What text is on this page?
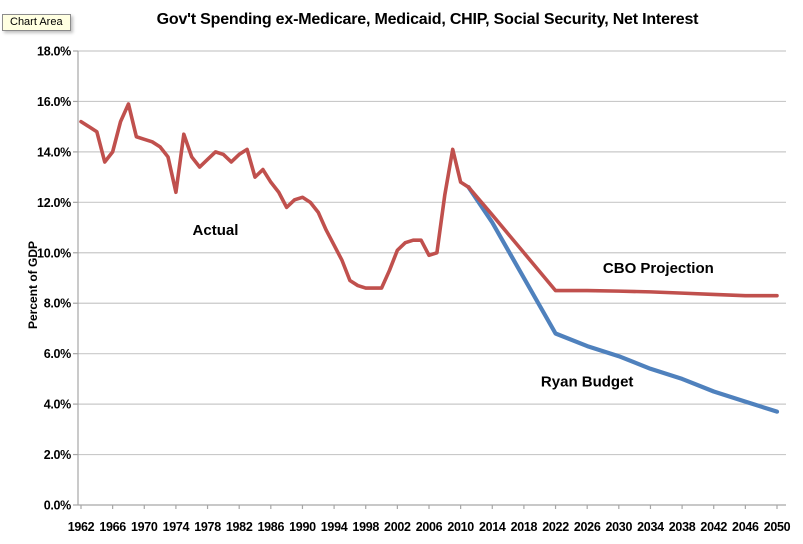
Chart Area	Gov't Spending ex-Medicare, Medicaid, CHIP, Social Security, Net Interest
Percent of GDP
0.0%
2.0%
4.0%
6.0%
8.0%
10.0%
12.0%
14.0%
16.0%
18.0%
1962 1966 1970 1974 1978 1982 1986 1990 1994 1998 2002 2006 2010 2014 2018 2022 2026 2030 2034 2038 2042 2046 2050
Actual
CBO Projection
Ryan Budget
